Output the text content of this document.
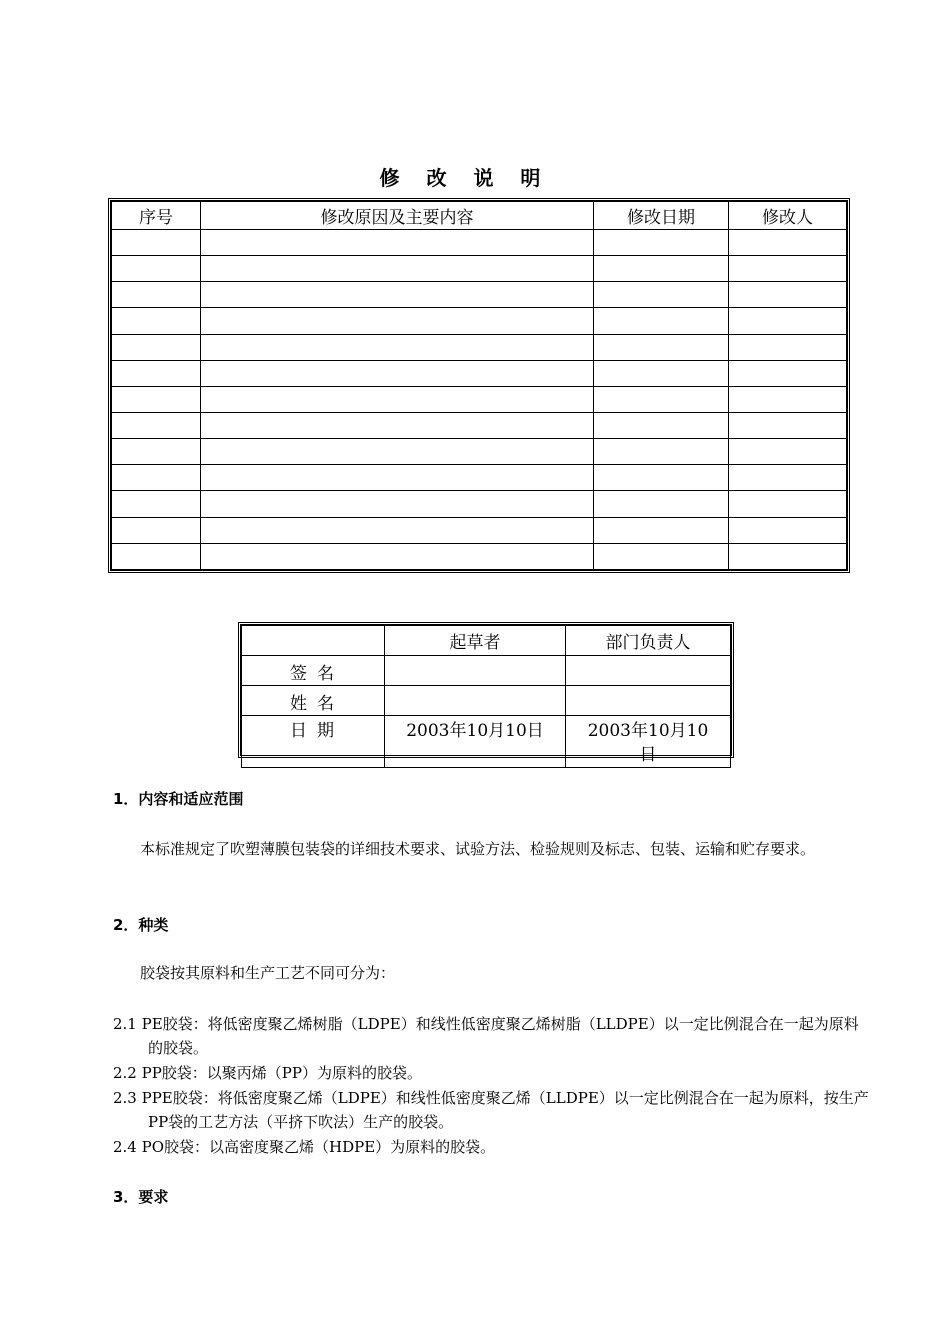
修 改 说 明
序号	修改原因及主要内容	修改日期	修改人

	起草者	部门负责人
签名		
姓名		
日期	2003年10月10日	2003年10月10日
1．内容和适应范围
本标准规定了吹塑薄膜包装袋的详细技术要求、试验方法、检验规则及标志、包装、运输和贮存要求。
2．种类
胶袋按其原料和生产工艺不同可分为：
2.1 PE胶袋：将低密度聚乙烯树脂（LDPE）和线性低密度聚乙烯树脂（LLDPE）以一定比例混合在一起为原料的胶袋。
2.2 PP胶袋：以聚丙烯（PP）为原料的胶袋。
2.3 PPE胶袋：将低密度聚乙烯（LDPE）和线性低密度聚乙烯（LLDPE）以一定比例混合在一起为原料，按生产PP袋的工艺方法（平挤下吹法）生产的胶袋。
2.4 PO胶袋：以高密度聚乙烯（HDPE）为原料的胶袋。
3．要求
